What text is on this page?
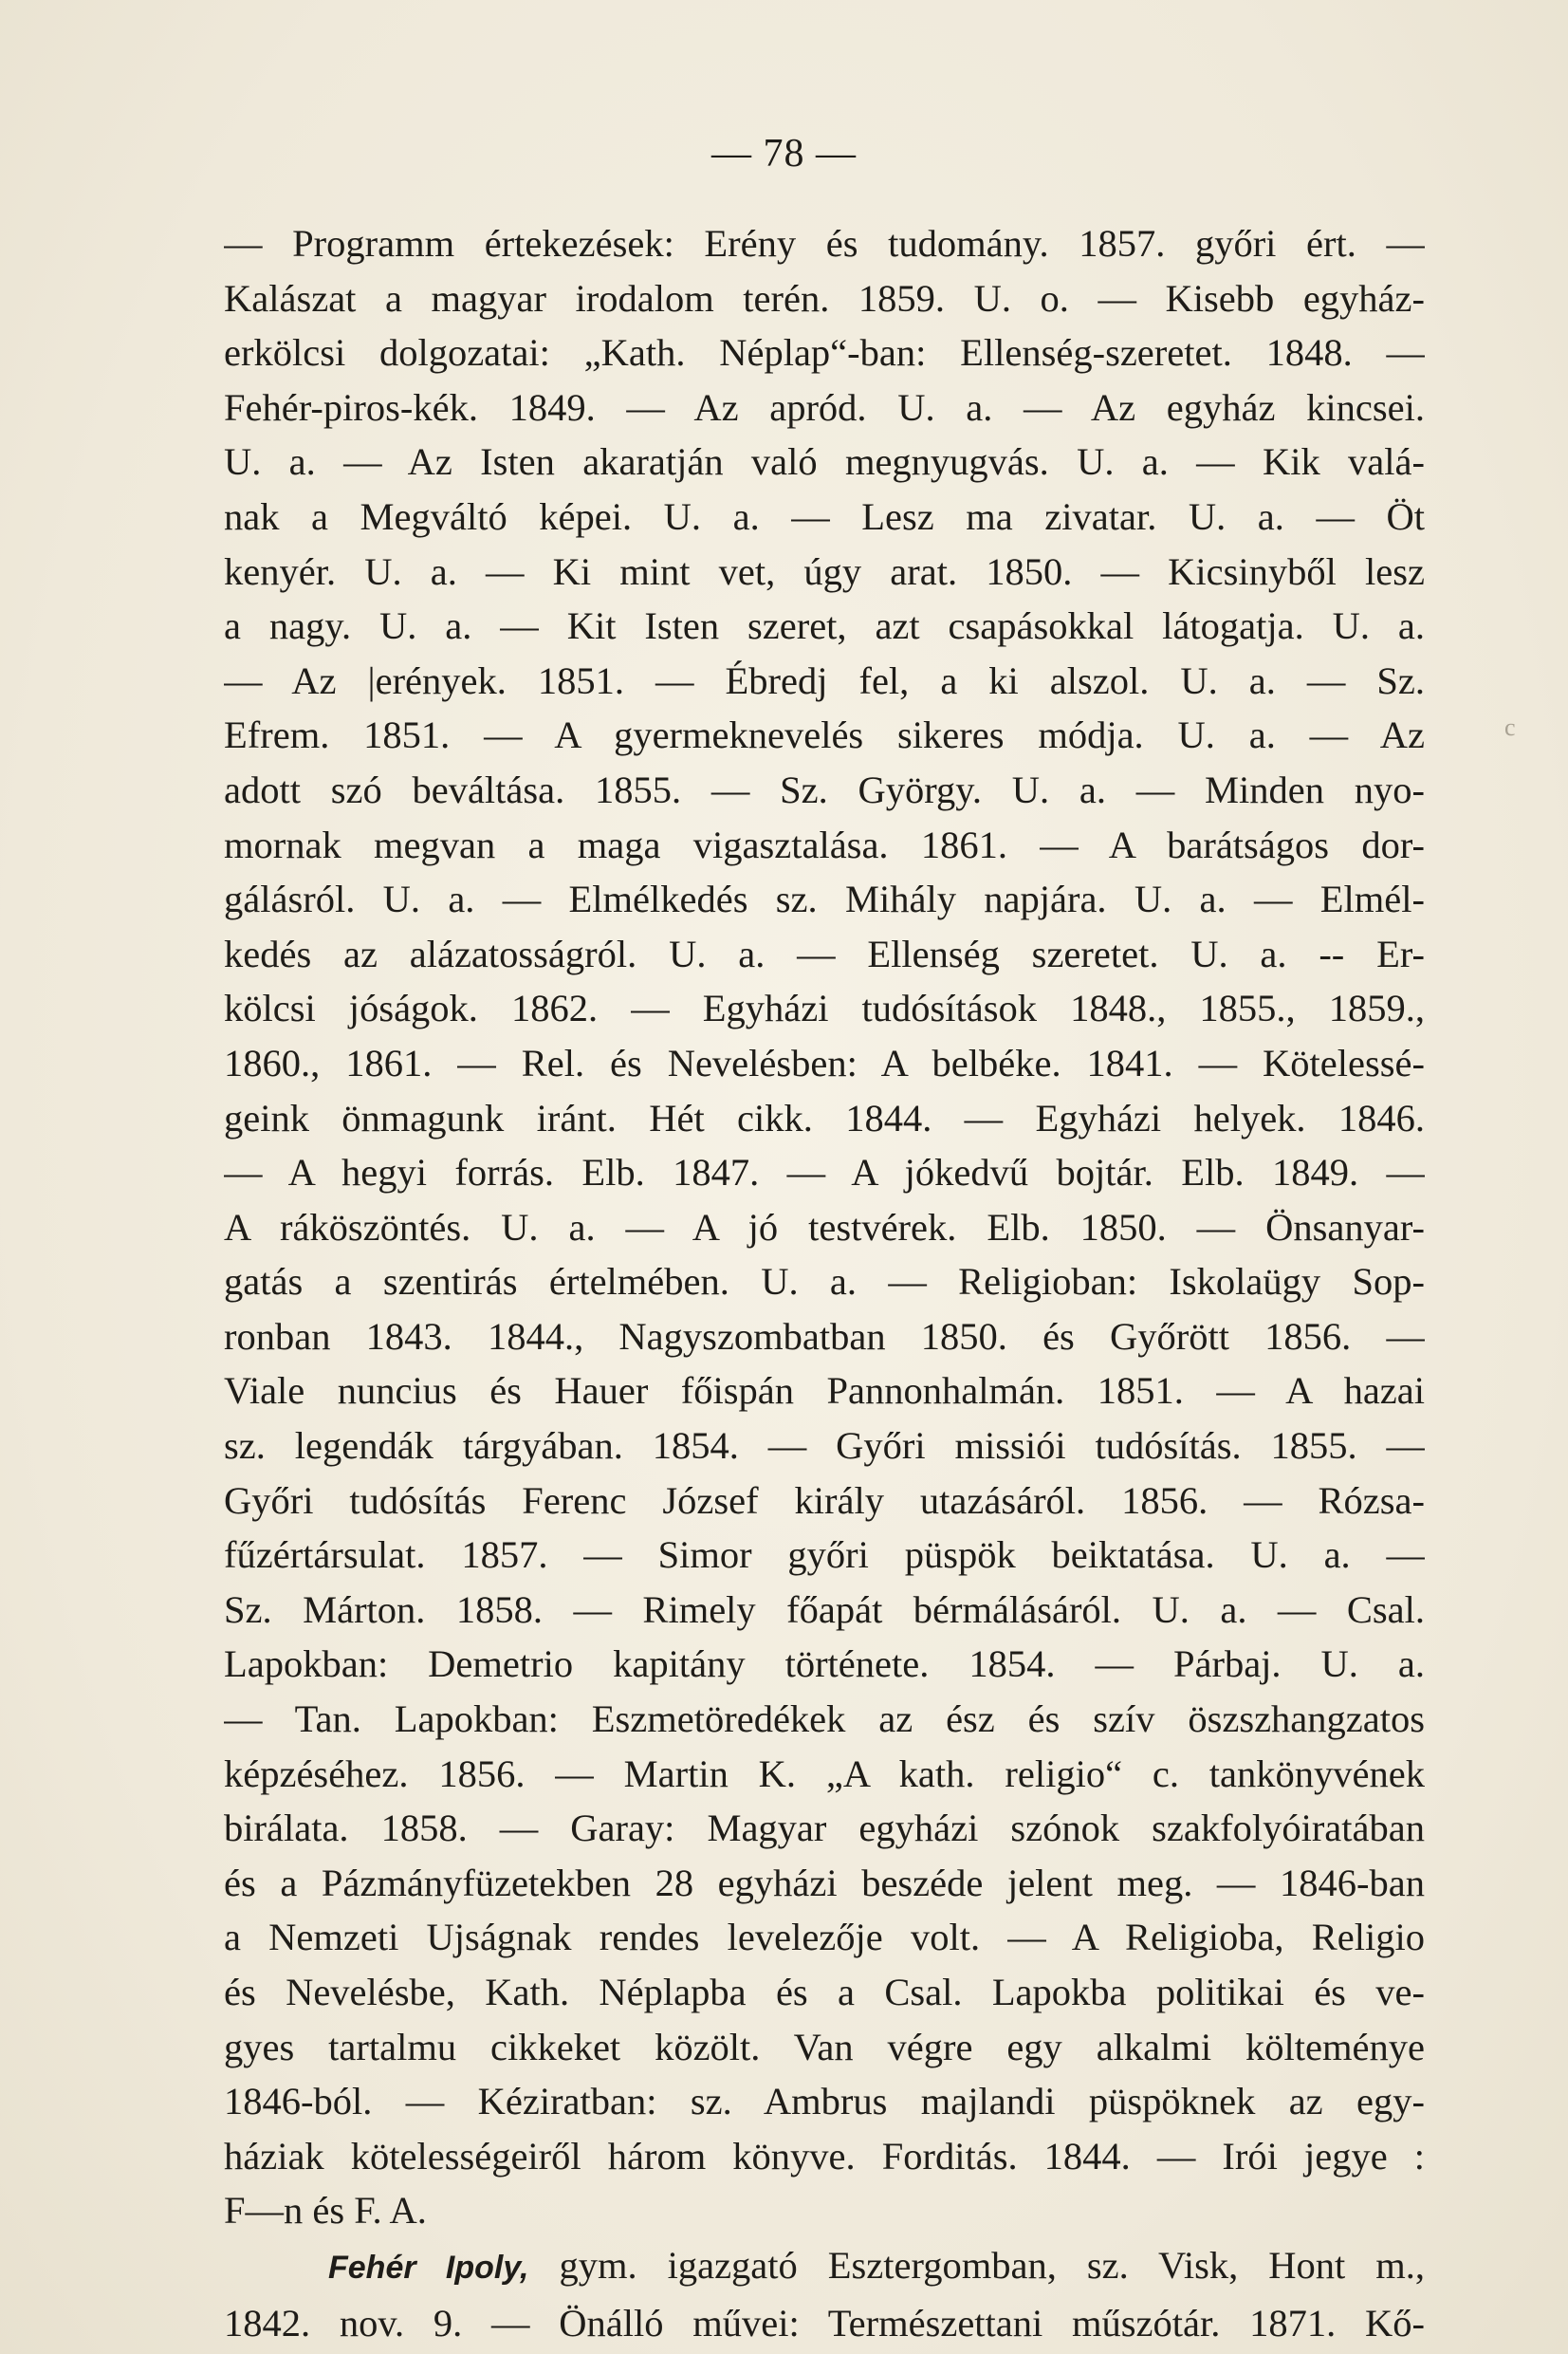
— 78 —
— Programm értekezések: Erény és tudomány. 1857. győri ért. —
Kalászat a magyar irodalom terén. 1859. U. o. — Kisebb egyház-
erkölcsi dolgozatai: „Kath. Néplap“-ban: Ellenség-szeretet. 1848. —
Fehér-piros-kék. 1849. — Az apród. U. a. — Az egyház kincsei.
U. a. — Az Isten akaratján való megnyugvás. U. a. — Kik valá-
nak a Megváltó képei. U. a. — Lesz ma zivatar. U. a. — Öt
kenyér. U. a. — Ki mint vet, úgy arat. 1850. — Kicsinyből lesz
a nagy. U. a. — Kit Isten szeret, azt csapásokkal látogatja. U. a.
— Az |erények. 1851. — Ébredj fel, a ki alszol. U. a. — Sz.
Efrem. 1851. — A gyermeknevelés sikeres módja. U. a. — Az
adott szó beváltása. 1855. — Sz. György. U. a. — Minden nyo-
mornak megvan a maga vigasztalása. 1861. — A barátságos dor-
gálásról. U. a. — Elmélkedés sz. Mihály napjára. U. a. — Elmél-
kedés az alázatosságról. U. a. — Ellenség szeretet. U. a. -- Er-
kölcsi jóságok. 1862. — Egyházi tudósítások 1848., 1855., 1859.,
1860., 1861. — Rel. és Nevelésben: A belbéke. 1841. — Kötelessé-
geink önmagunk iránt. Hét cikk. 1844. — Egyházi helyek. 1846.
— A hegyi forrás. Elb. 1847. — A jókedvű bojtár. Elb. 1849. —
A ráköszöntés. U. a. — A jó testvérek. Elb. 1850. — Önsanyar-
gatás a szentirás értelmében. U. a. — Religioban: Iskolaügy Sop-
ronban 1843. 1844., Nagyszombatban 1850. és Győrött 1856. —
Viale nuncius és Hauer főispán Pannonhalmán. 1851. — A hazai
sz. legendák tárgyában. 1854. — Győri missiói tudósítás. 1855. —
Győri tudósítás Ferenc József király utazásáról. 1856. — Rózsa-
fűzértársulat. 1857. — Simor győri püspök beiktatása. U. a. —
Sz. Márton. 1858. — Rimely főapát bérmálásáról. U. a. — Csal.
Lapokban: Demetrio kapitány története. 1854. — Párbaj. U. a.
— Tan. Lapokban: Eszmetöredékek az ész és szív öszszhangzatos
képzéséhez. 1856. — Martin K. „A kath. religio“ c. tankönyvének
birálata. 1858. — Garay: Magyar egyházi szónok szakfolyóiratában
és a Pázmányfüzetekben 28 egyházi beszéde jelent meg. — 1846-ban
a Nemzeti Ujságnak rendes levelezője volt. — A Religioba, Religio
és Nevelésbe, Kath. Néplapba és a Csal. Lapokba politikai és ve-
gyes tartalmu cikkeket közölt. Van végre egy alkalmi költeménye
1846-ból. — Kéziratban: sz. Ambrus majlandi püspöknek az egy-
háziak kötelességeiről három könyve. Forditás. 1844. — Irói jegye :
F—n és F. A.
Fehér Ipoly, gym. igazgató Esztergomban, sz. Visk, Hont m.,
1842. nov. 9. — Önálló művei: Természettani műszótár. 1871. Kő-
c
